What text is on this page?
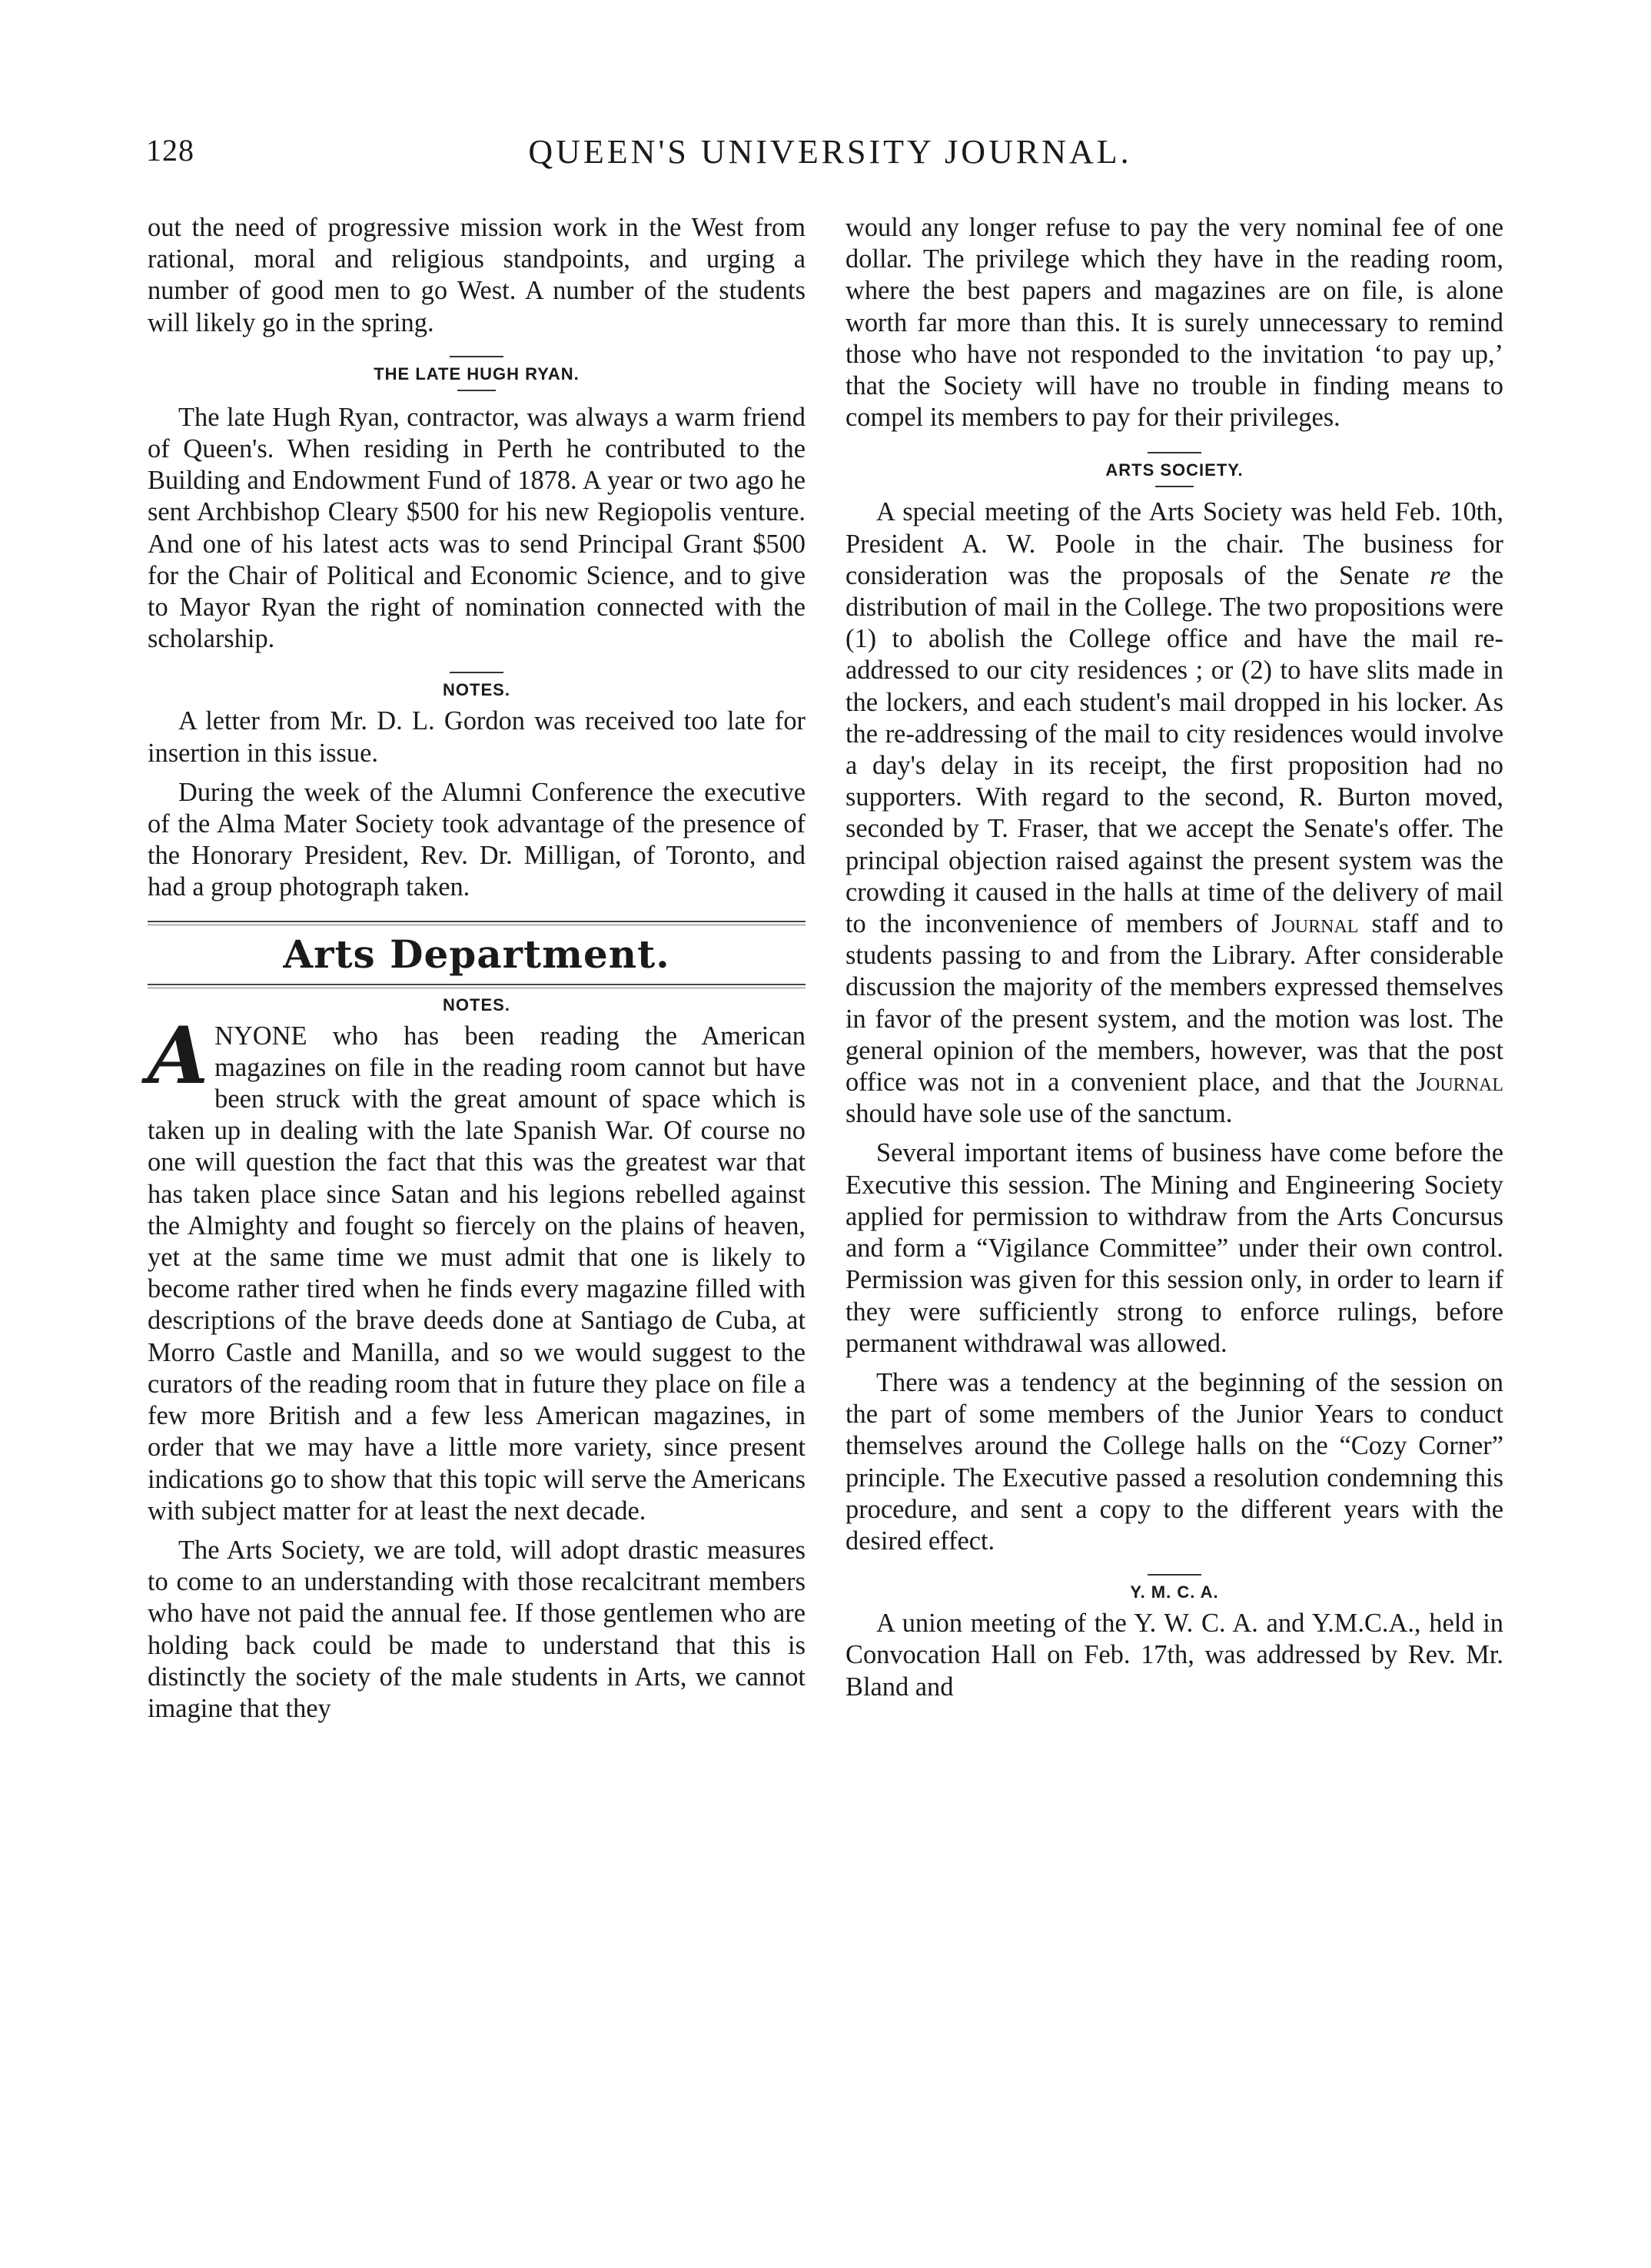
128	QUEEN'S UNIVERSITY JOURNAL.

out the need of progressive mission work in the West from rational, moral and religious standpoints, and urging a number of good men to go West. A number of the students will likely go in the spring.

THE LATE HUGH RYAN.

The late Hugh Ryan, contractor, was always a warm friend of Queen's. When residing in Perth he contributed to the Building and Endowment Fund of 1878. A year or two ago he sent Archbishop Cleary $500 for his new Regiopolis venture. And one of his latest acts was to send Principal Grant $500 for the Chair of Political and Economic Science, and to give to Mayor Ryan the right of nomination connected with the scholarship.

NOTES.

A letter from Mr. D. L. Gordon was received too late for insertion in this issue.

During the week of the Alumni Conference the executive of the Alma Mater Society took advantage of the presence of the Honorary President, Rev. Dr. Milligan, of Toronto, and had a group photograph taken.

Arts Department.
NOTES.

ANYONE who has been reading the American magazines on file in the reading room cannot but have been struck with the great amount of space which is taken up in dealing with the late Spanish War. Of course no one will question the fact that this was the greatest war that has taken place since Satan and his legions rebelled against the Almighty and fought so fiercely on the plains of heaven, yet at the same time we must admit that one is likely to become rather tired when he finds every magazine filled with descriptions of the brave deeds done at Santiago de Cuba, at Morro Castle and Manilla, and so we would suggest to the curators of the reading room that in future they place on file a few more British and a few less American magazines, in order that we may have a little more variety, since present indications go to show that this topic will serve the Americans with subject matter for at least the next decade.

The Arts Society, we are told, will adopt drastic measures to come to an understanding with those recalcitrant members who have not paid the annual fee. If those gentlemen who are holding back could be made to understand that this is distinctly the society of the male students in Arts, we cannot imagine that they

would any longer refuse to pay the very nominal fee of one dollar. The privilege which they have in the reading room, where the best papers and magazines are on file, is alone worth far more than this. It is surely unnecessary to remind those who have not responded to the invitation ‘to pay up,’ that the Society will have no trouble in finding means to compel its members to pay for their privileges.

ARTS SOCIETY.

A special meeting of the Arts Society was held Feb. 10th, President A. W. Poole in the chair. The business for consideration was the proposals of the Senate re the distribution of mail in the College. The two propositions were (1) to abolish the College office and have the mail re-addressed to our city residences ; or (2) to have slits made in the lockers, and each student's mail dropped in his locker. As the re-addressing of the mail to city residences would involve a day's delay in its receipt, the first proposition had no supporters. With regard to the second, R. Burton moved, seconded by T. Fraser, that we accept the Senate's offer. The principal objection raised against the present system was the crowding it caused in the halls at time of the delivery of mail to the inconvenience of members of Journal staff and to students passing to and from the Library. After considerable discussion the majority of the members expressed themselves in favor of the present system, and the motion was lost. The general opinion of the members, however, was that the post office was not in a convenient place, and that the Journal should have sole use of the sanctum.

Several important items of business have come before the Executive this session. The Mining and Engineering Society applied for permission to withdraw from the Arts Concursus and form a “Vigilance Committee” under their own control. Permission was given for this session only, in order to learn if they were sufficiently strong to enforce rulings, before permanent withdrawal was allowed.

There was a tendency at the beginning of the session on the part of some members of the Junior Years to conduct themselves around the College halls on the “Cozy Corner” principle. The Executive passed a resolution condemning this procedure, and sent a copy to the different years with the desired effect.

Y. M. C. A.

A union meeting of the Y. W. C. A. and Y.M.C.A., held in Convocation Hall on Feb. 17th, was addressed by Rev. Mr. Bland and
